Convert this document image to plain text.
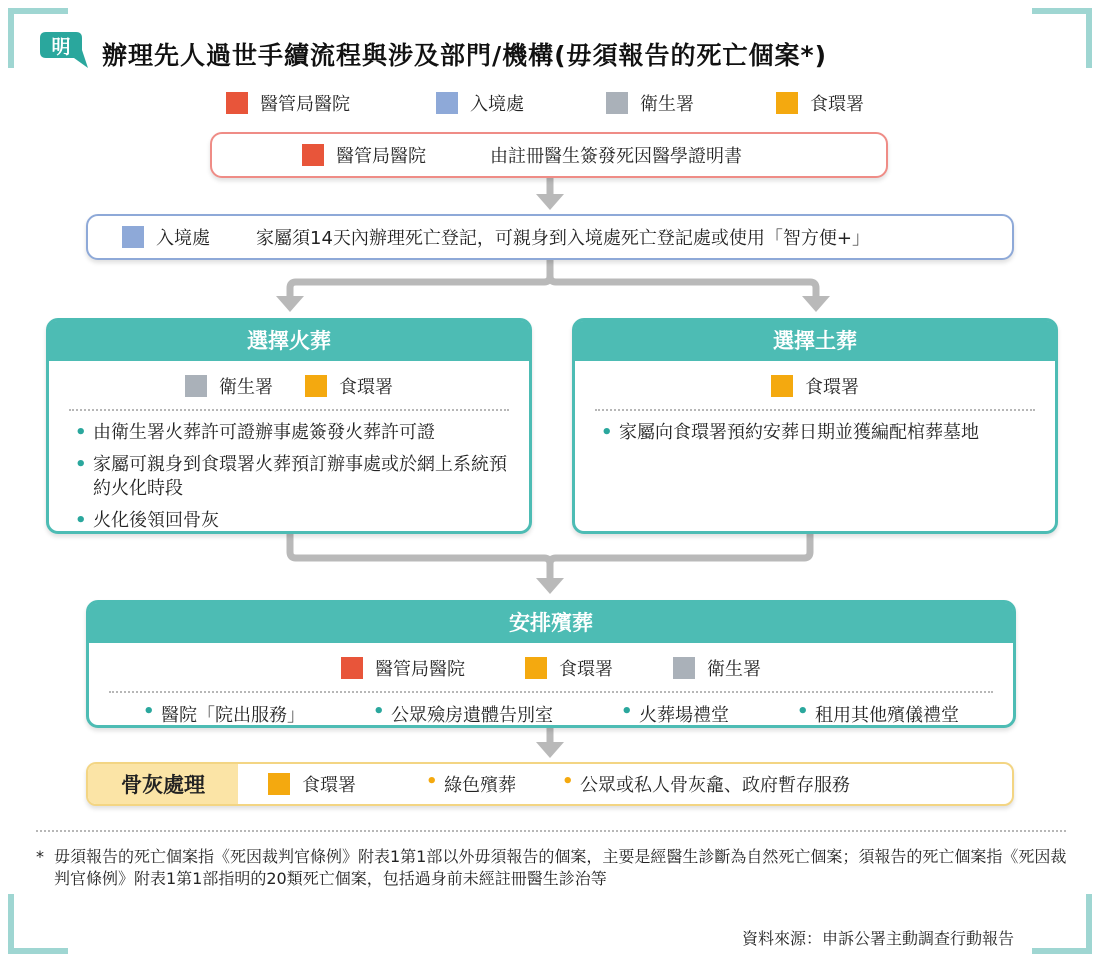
明 辦理先人過世手續流程與涉及部門/機構(毋須報告的死亡個案*)
醫管局醫院	入境處	衛生署	食環署
醫管局醫院	由註冊醫生簽發死因醫學證明書
入境處	家屬須14天內辦理死亡登記，可親身到入境處死亡登記處或使用「智方便+」
選擇火葬
衛生署	食環署
• 由衛生署火葬許可證辦事處簽發火葬許可證
• 家屬可親身到食環署火葬預訂辦事處或於網上系統預約火化時段
• 火化後領回骨灰
選擇土葬
食環署
• 家屬向食環署預約安葬日期並獲編配棺葬墓地
安排殯葬
醫管局醫院	食環署	衛生署
• 醫院「院出服務」	• 公眾殮房遺體告別室	• 火葬場禮堂	• 租用其他殯儀禮堂
骨灰處理	食環署	• 綠色殯葬	• 公眾或私人骨灰龕、政府暫存服務
* 毋須報告的死亡個案指《死因裁判官條例》附表1第1部以外毋須報告的個案，主要是經醫生診斷為自然死亡個案；須報告的死亡個案指《死因裁判官條例》附表1第1部指明的20類死亡個案，包括過身前未經註冊醫生診治等
資料來源：申訴公署主動調查行動報告
